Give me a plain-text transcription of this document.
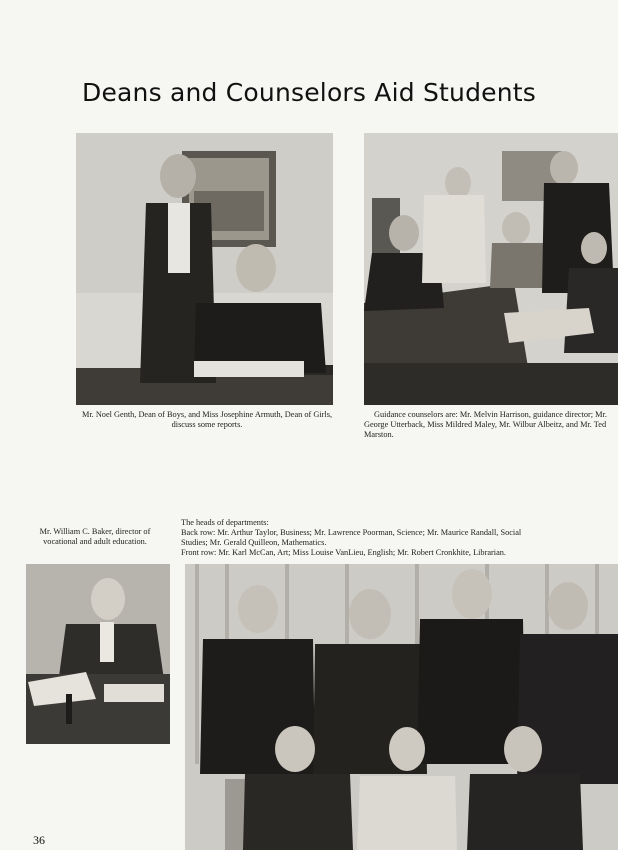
Deans and Counselors Aid Students
Mr. Noel Genth, Dean of Boys, and Miss Josephine Armuth, Dean of Girls, discuss some reports.
Guidance counselors are: Mr. Melvin Harrison, guidance director; Mr. George Utterback, Miss Mildred Maley, Mr. Wilbur Albeitz, and Mr. Ted Marston.
Mr. William C. Baker, director of vocational and adult education.
The heads of departments:
Back row: Mr. Arthur Taylor, Business; Mr. Lawrence Poorman, Science; Mr. Maurice Randall, Social
Studies; Mr. Gerald Quilleon, Mathematics.
Front row: Mr. Karl McCan, Art; Miss Louise VanLieu, English; Mr. Robert Cronkhite, Librarian.
36
